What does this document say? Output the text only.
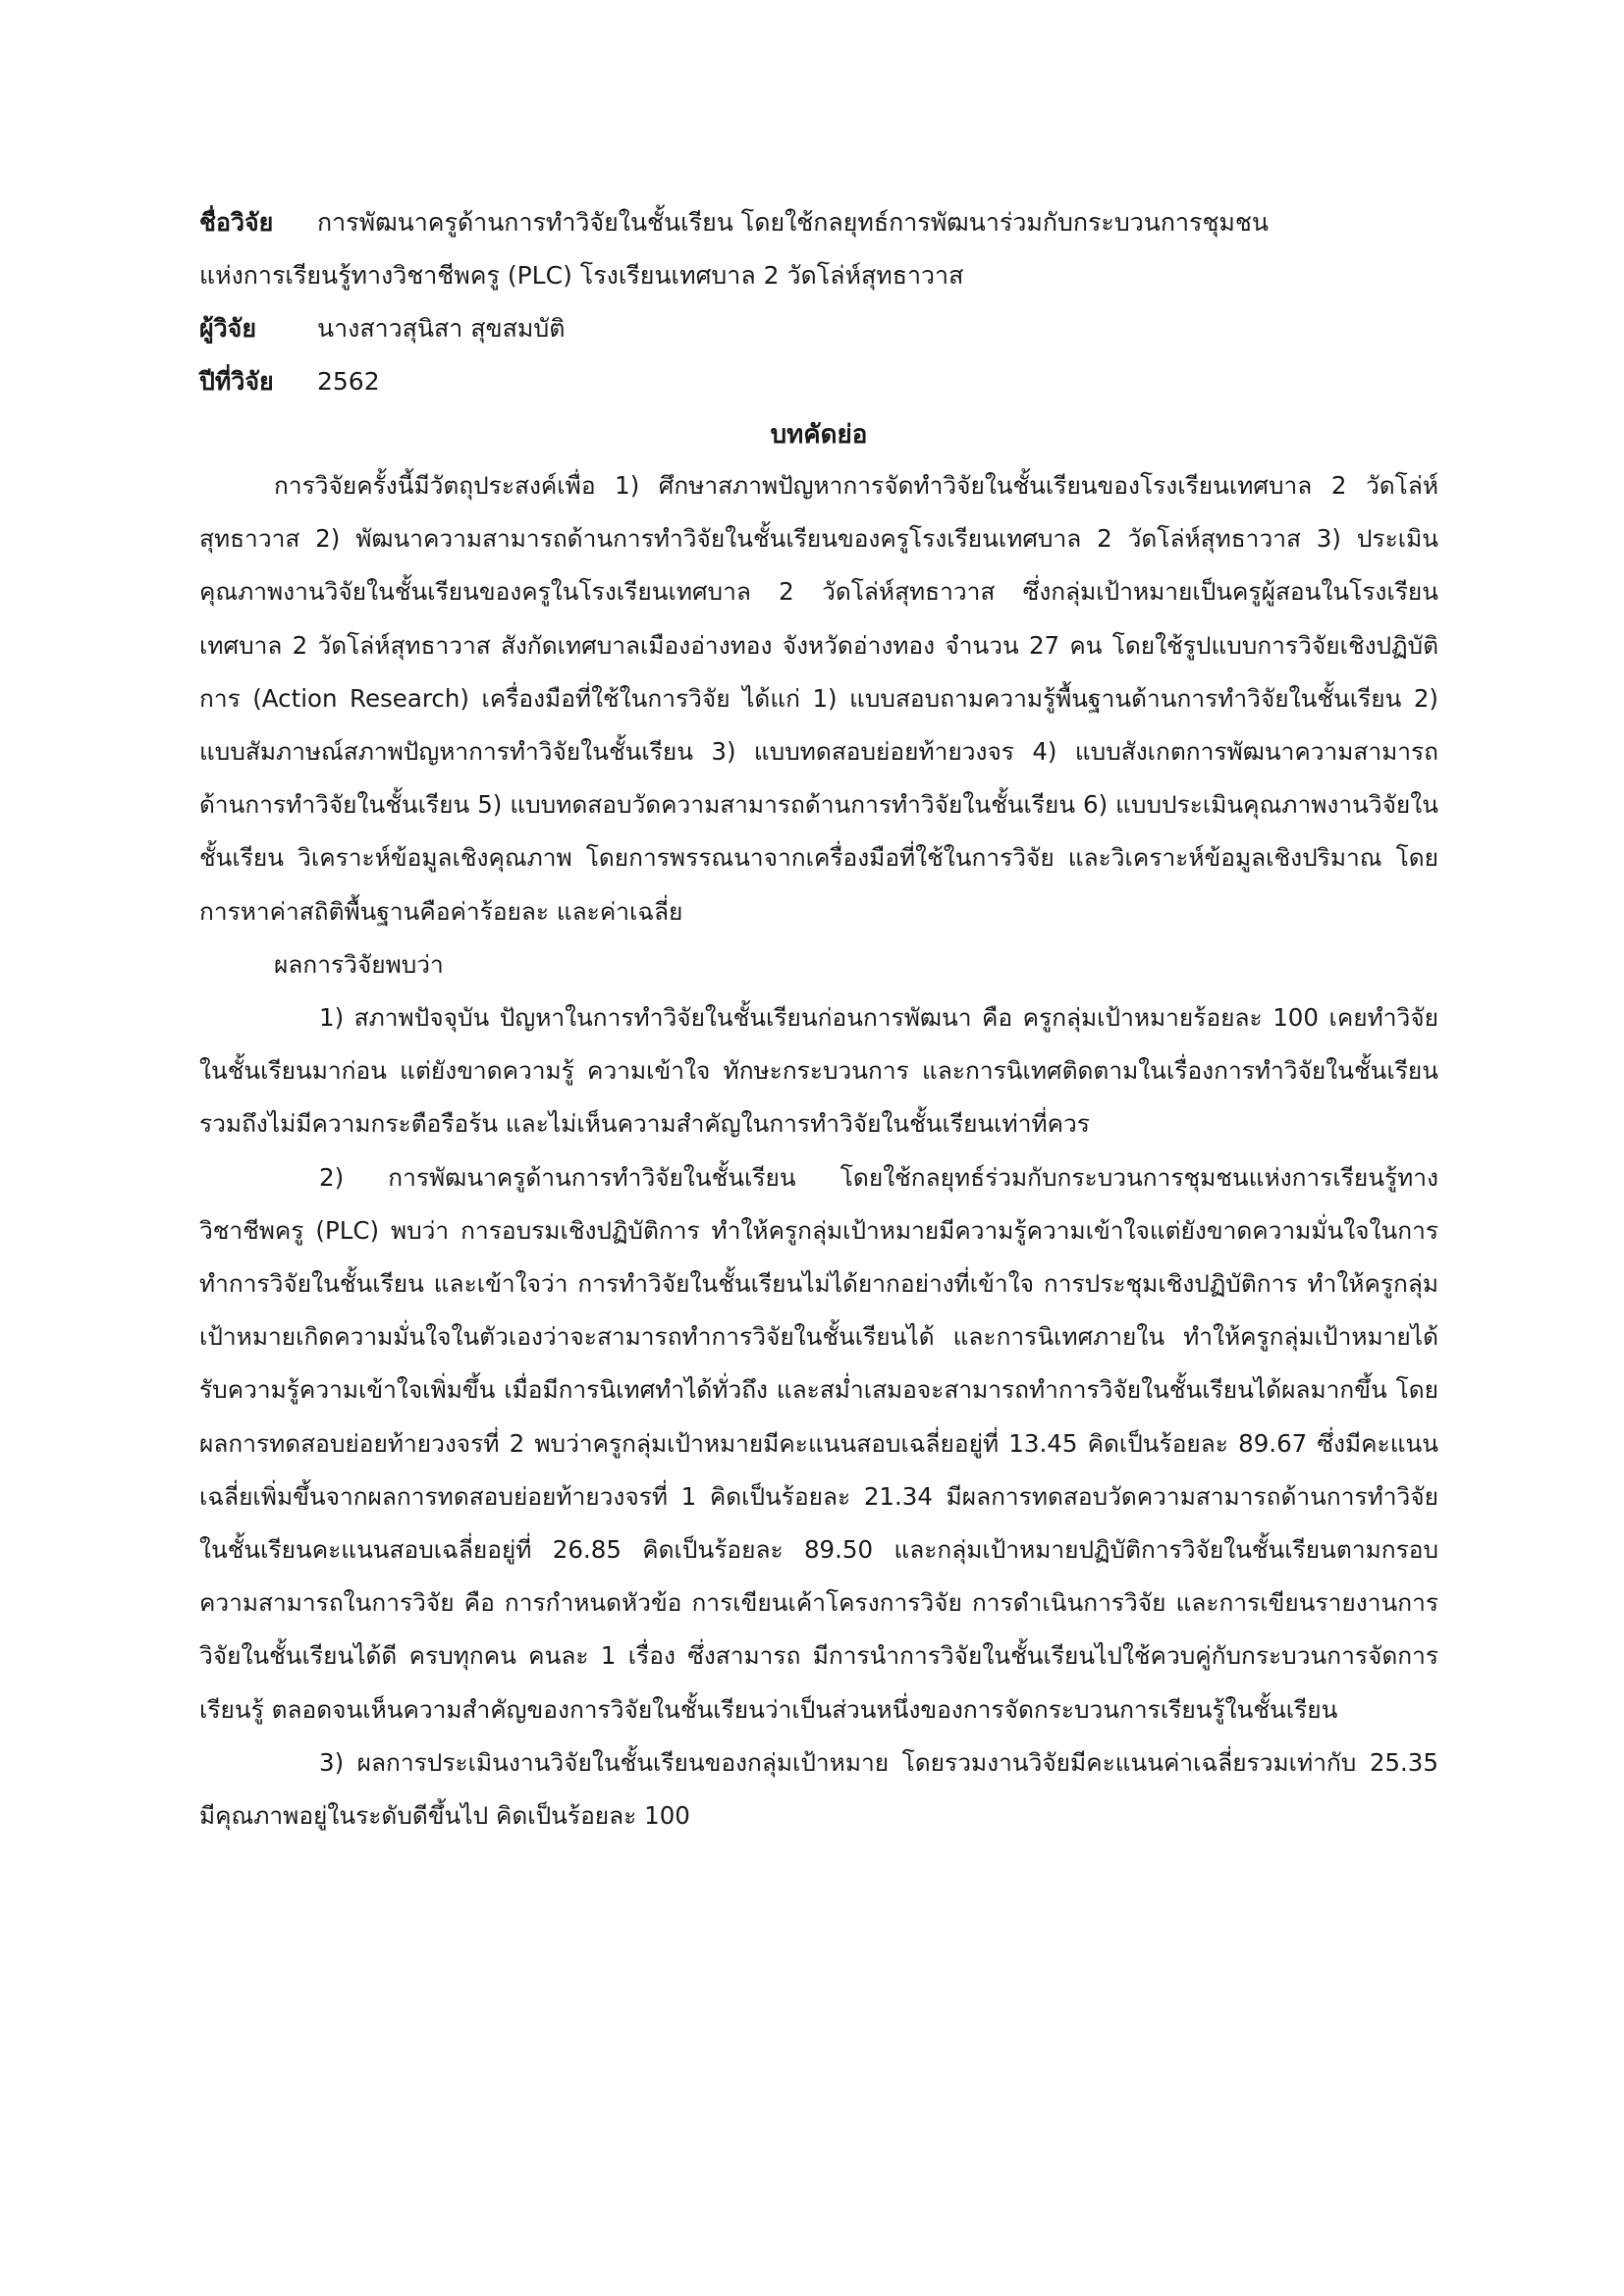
ชื่อวิจัย	การพัฒนาครูด้านการทำวิจัยในชั้นเรียน โดยใช้กลยุทธ์การพัฒนาร่วมกับกระบวนการชุมชน
แห่งการเรียนรู้ทางวิชาชีพครู (PLC) โรงเรียนเทศบาล 2 วัดโล่ห์สุทธาวาส
ผู้วิจัย	นางสาวสุนิสา สุขสมบัติ
ปีที่วิจัย	2562
บทคัดย่อ

การวิจัยครั้งนี้มีวัตถุประสงค์เพื่อ 1) ศึกษาสภาพปัญหาการจัดทำวิจัยในชั้นเรียนของโรงเรียนเทศบาล 2 วัดโล่ห์สุทธาวาส 2) พัฒนาความสามารถด้านการทำวิจัยในชั้นเรียนของครูโรงเรียนเทศบาล 2 วัดโล่ห์สุทธาวาส 3) ประเมินคุณภาพงานวิจัยในชั้นเรียนของครูในโรงเรียนเทศบาล 2 วัดโล่ห์สุทธาวาส ซึ่งกลุ่มเป้าหมายเป็นครูผู้สอนในโรงเรียนเทศบาล 2 วัดโล่ห์สุทธาวาส สังกัดเทศบาลเมืองอ่างทอง จังหวัดอ่างทอง จำนวน 27 คน โดยใช้รูปแบบการวิจัยเชิงปฏิบัติการ (Action Research) เครื่องมือที่ใช้ในการวิจัย ได้แก่ 1) แบบสอบถามความรู้พื้นฐานด้านการทำวิจัยในชั้นเรียน 2) แบบสัมภาษณ์สภาพปัญหาการทำวิจัยในชั้นเรียน 3) แบบทดสอบย่อยท้ายวงจร 4) แบบสังเกตการพัฒนาความสามารถด้านการทำวิจัยในชั้นเรียน 5) แบบทดสอบวัดความสามารถด้านการทำวิจัยในชั้นเรียน 6) แบบประเมินคุณภาพงานวิจัยในชั้นเรียน วิเคราะห์ข้อมูลเชิงคุณภาพ โดยการพรรณนาจากเครื่องมือที่ใช้ในการวิจัย และวิเคราะห์ข้อมูลเชิงปริมาณ โดยการหาค่าสถิติพื้นฐานคือค่าร้อยละ และค่าเฉลี่ย

ผลการวิจัยพบว่า

1) สภาพปัจจุบัน ปัญหาในการทำวิจัยในชั้นเรียนก่อนการพัฒนา คือ ครูกลุ่มเป้าหมายร้อยละ 100 เคยทำวิจัยในชั้นเรียนมาก่อน แต่ยังขาดความรู้ ความเข้าใจ ทักษะกระบวนการ และการนิเทศติดตามในเรื่องการทำวิจัยในชั้นเรียน รวมถึงไม่มีความกระตือรือร้น และไม่เห็นความสำคัญในการทำวิจัยในชั้นเรียนเท่าที่ควร

2) การพัฒนาครูด้านการทำวิจัยในชั้นเรียน โดยใช้กลยุทธ์ร่วมกับกระบวนการชุมชนแห่งการเรียนรู้ทางวิชาชีพครู (PLC) พบว่า การอบรมเชิงปฏิบัติการ ทำให้ครูกลุ่มเป้าหมายมีความรู้ความเข้าใจแต่ยังขาดความมั่นใจในการทำการวิจัยในชั้นเรียน และเข้าใจว่า การทำวิจัยในชั้นเรียนไม่ได้ยากอย่างที่เข้าใจ การประชุมเชิงปฏิบัติการ ทำให้ครูกลุ่มเป้าหมายเกิดความมั่นใจในตัวเองว่าจะสามารถทำการวิจัยในชั้นเรียนได้ และการนิเทศภายใน ทำให้ครูกลุ่มเป้าหมายได้รับความรู้ความเข้าใจเพิ่มขึ้น เมื่อมีการนิเทศทำได้ทั่วถึง และสม่ำเสมอจะสามารถทำการวิจัยในชั้นเรียนได้ผลมากขึ้น โดยผลการทดสอบย่อยท้ายวงจรที่ 2 พบว่าครูกลุ่มเป้าหมายมีคะแนนสอบเฉลี่ยอยู่ที่ 13.45 คิดเป็นร้อยละ 89.67 ซึ่งมีคะแนนเฉลี่ยเพิ่มขึ้นจากผลการทดสอบย่อยท้ายวงจรที่ 1 คิดเป็นร้อยละ 21.34 มีผลการทดสอบวัดความสามารถด้านการทำวิจัยในชั้นเรียนคะแนนสอบเฉลี่ยอยู่ที่ 26.85 คิดเป็นร้อยละ 89.50 และกลุ่มเป้าหมายปฏิบัติการวิจัยในชั้นเรียนตามกรอบความสามารถในการวิจัย คือ การกำหนดหัวข้อ การเขียนเค้าโครงการวิจัย การดำเนินการวิจัย และการเขียนรายงานการวิจัยในชั้นเรียนได้ดี ครบทุกคน คนละ 1 เรื่อง ซึ่งสามารถ มีการนำการวิจัยในชั้นเรียนไปใช้ควบคู่กับกระบวนการจัดการเรียนรู้ ตลอดจนเห็นความสำคัญของการวิจัยในชั้นเรียนว่าเป็นส่วนหนึ่งของการจัดกระบวนการเรียนรู้ในชั้นเรียน

3) ผลการประเมินงานวิจัยในชั้นเรียนของกลุ่มเป้าหมาย โดยรวมงานวิจัยมีคะแนนค่าเฉลี่ยรวมเท่ากับ 25.35 มีคุณภาพอยู่ในระดับดีขึ้นไป คิดเป็นร้อยละ 100
